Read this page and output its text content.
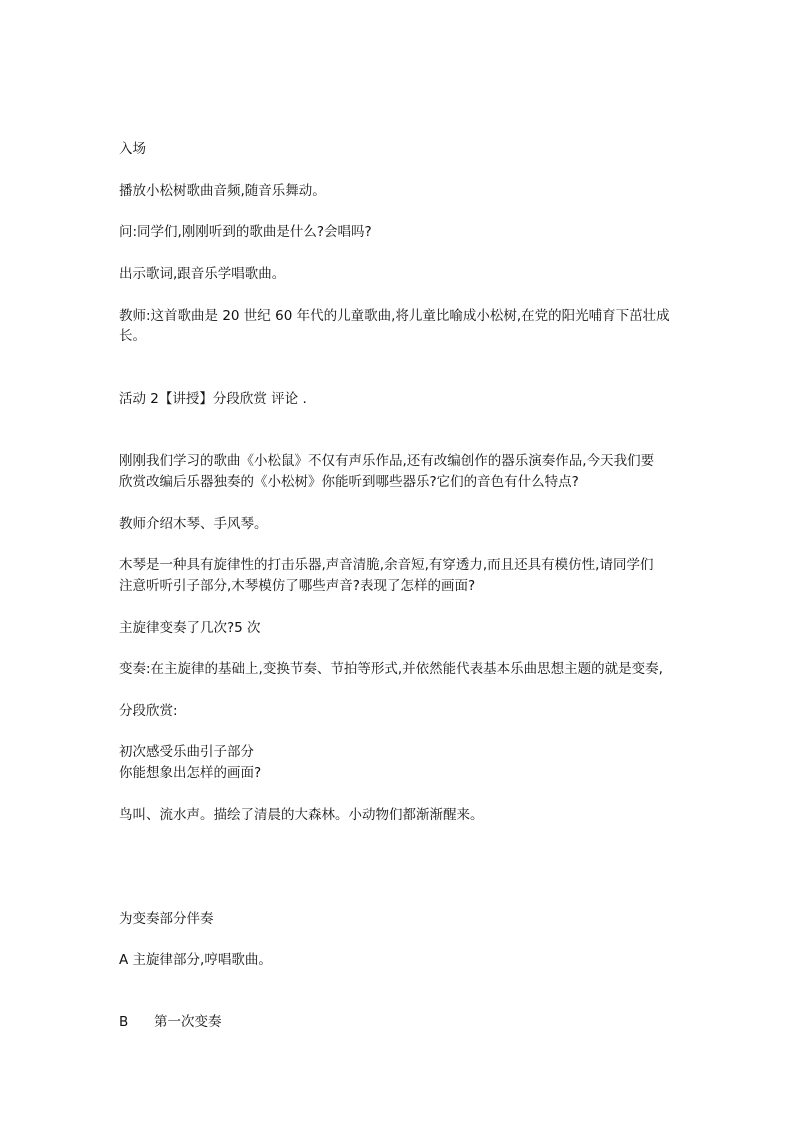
入场
播放小松树歌曲音频,随音乐舞动。
问:同学们,刚刚听到的歌曲是什么?会唱吗?
出示歌词,跟音乐学唱歌曲。
教师:这首歌曲是 20 世纪 60 年代的儿童歌曲,将儿童比喻成小松树,在党的阳光哺育下茁壮成
长。
活动 2【讲授】分段欣赏 评论 .
刚刚我们学习的歌曲《小松鼠》不仅有声乐作品,还有改编创作的器乐演奏作品,今天我们要
欣赏改编后乐器独奏的《小松树》你能听到哪些器乐?它们的音色有什么特点?
教师介绍木琴、手风琴。
木琴是一种具有旋律性的打击乐器,声音清脆,余音短,有穿透力,而且还具有模仿性,请同学们
注意听听引子部分,木琴模仿了哪些声音?表现了怎样的画面?
主旋律变奏了几次?5 次
变奏:在主旋律的基础上,变换节奏、节拍等形式,并依然能代表基本乐曲思想主题的就是变奏,
分段欣赏:
初次感受乐曲引子部分
你能想象出怎样的画面?
鸟叫、流水声。描绘了清晨的大森林。小动物们都渐渐醒来。
为变奏部分伴奏
A 主旋律部分,哼唱歌曲。
B 第一次变奏
